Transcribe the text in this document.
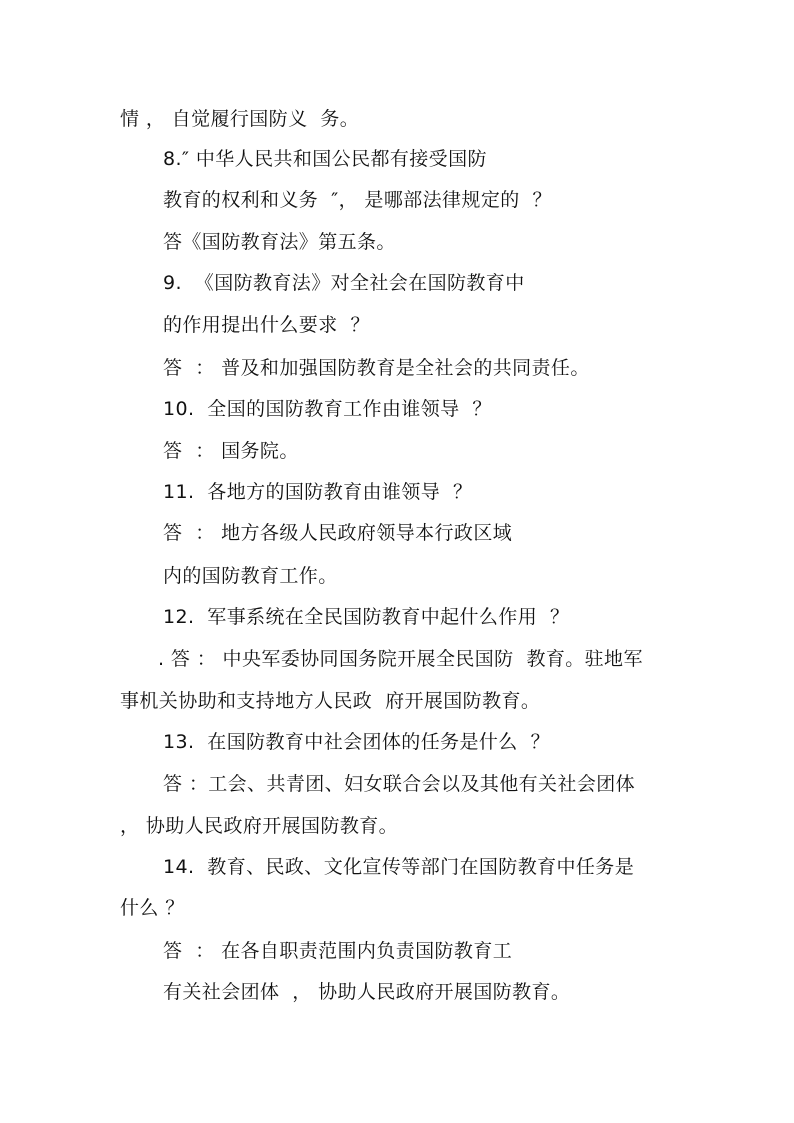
情 ， 自觉履行国防义  务。
8.″ 中华人民共和国公民都有接受国防
教育的权利和义务  ″， 是哪部法律规定的  ？
答《国防教育法》第五条。
9.  《国防教育法》对全社会在国防教育中
的作用提出什么要求  ？
答  ： 普及和加强国防教育是全社会的共同责任。
10.  全国的国防教育工作由谁领导  ？
答  ： 国务院。
11.  各地方的国防教育由谁领导  ？
答  ： 地方各级人民政府领导本行政区域
内的国防教育工作。
12.  军事系统在全民国防教育中起什么作用  ？
. 答 ： 中央军委协同国务院开展全民国防  教育。驻地军
事机关协助和支持地方人民政  府开展国防教育。
13.  在国防教育中社会团体的任务是什么  ？
答 ：工会、共青团、妇女联合会以及其他有关社会团体
， 协助人民政府开展国防教育。
14.  教育、民政、文化宣传等部门在国防教育中任务是
什么 ？
答  ： 在各自职责范围内负责国防教育工
有关社会团体  ， 协助人民政府开展国防教育。
